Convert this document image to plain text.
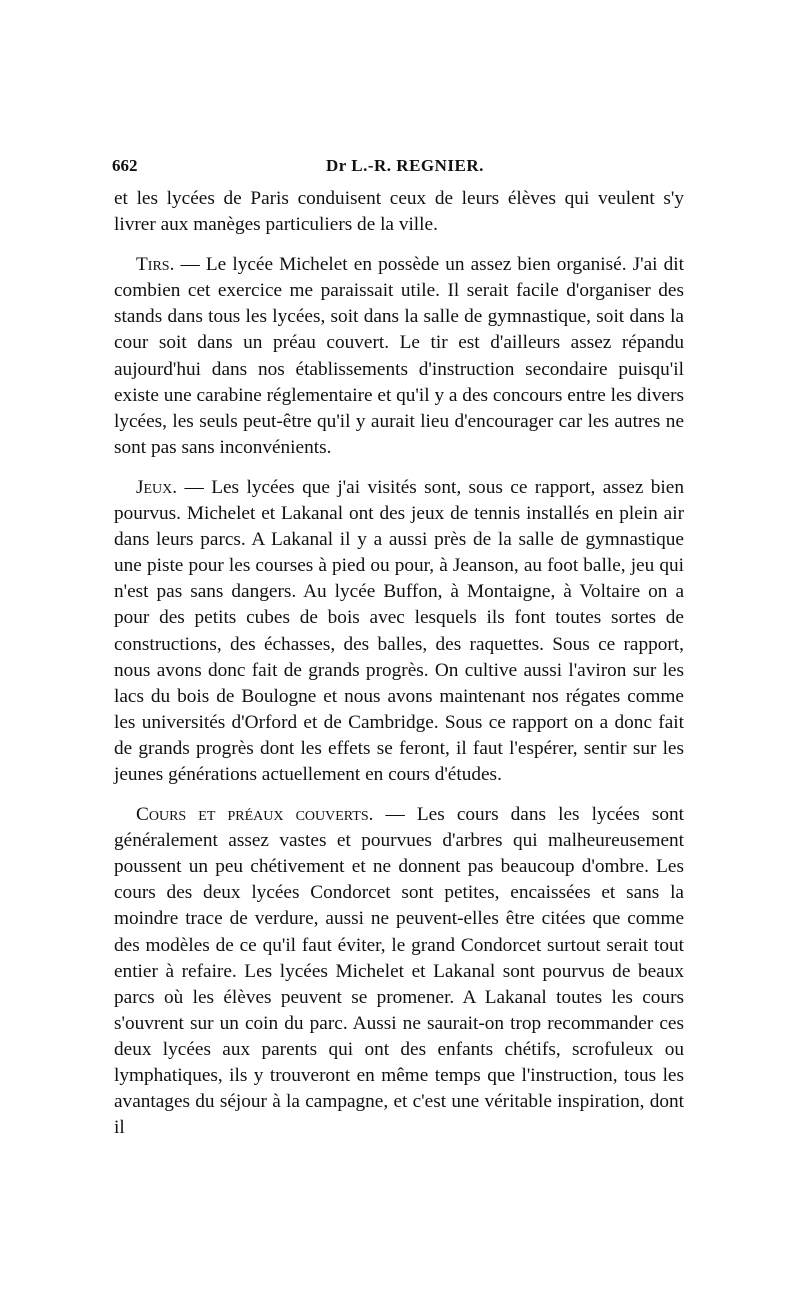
662	Dr L.-R. REGNIER.

et les lycées de Paris conduisent ceux de leurs élèves qui veulent s'y livrer aux manèges particuliers de la ville.

Tirs. — Le lycée Michelet en possède un assez bien organisé. J'ai dit combien cet exercice me paraissait utile. Il serait facile d'organiser des stands dans tous les lycées, soit dans la salle de gymnastique, soit dans la cour soit dans un préau couvert. Le tir est d'ailleurs assez répandu aujourd'hui dans nos établissements d'instruction secondaire puisqu'il existe une carabine réglementaire et qu'il y a des concours entre les divers lycées, les seuls peut-être qu'il y aurait lieu d'encourager car les autres ne sont pas sans inconvénients.

Jeux. — Les lycées que j'ai visités sont, sous ce rapport, assez bien pourvus. Michelet et Lakanal ont des jeux de tennis installés en plein air dans leurs parcs. A Lakanal il y a aussi près de la salle de gymnastique une piste pour les courses à pied ou pour, à Jeanson, au foot balle, jeu qui n'est pas sans dangers. Au lycée Buffon, à Montaigne, à Voltaire on a pour des petits cubes de bois avec lesquels ils font toutes sortes de constructions, des échasses, des balles, des raquettes. Sous ce rapport, nous avons donc fait de grands progrès. On cultive aussi l'aviron sur les lacs du bois de Boulogne et nous avons maintenant nos régates comme les universités d'Orford et de Cambridge. Sous ce rapport on a donc fait de grands progrès dont les effets se feront, il faut l'espérer, sentir sur les jeunes générations actuellement en cours d'études.

Cours et préaux couverts. — Les cours dans les lycées sont généralement assez vastes et pourvues d'arbres qui malheureusement poussent un peu chétivement et ne donnent pas beaucoup d'ombre. Les cours des deux lycées Condorcet sont petites, encaissées et sans la moindre trace de verdure, aussi ne peuvent-elles être citées que comme des modèles de ce qu'il faut éviter, le grand Condorcet surtout serait tout entier à refaire. Les lycées Michelet et Lakanal sont pourvus de beaux parcs où les élèves peuvent se promener. A Lakanal toutes les cours s'ouvrent sur un coin du parc. Aussi ne saurait-on trop recommander ces deux lycées aux parents qui ont des enfants chétifs, scrofuleux ou lymphatiques, ils y trouveront en même temps que l'instruction, tous les avantages du séjour à la campagne, et c'est une véritable inspiration, dont il
